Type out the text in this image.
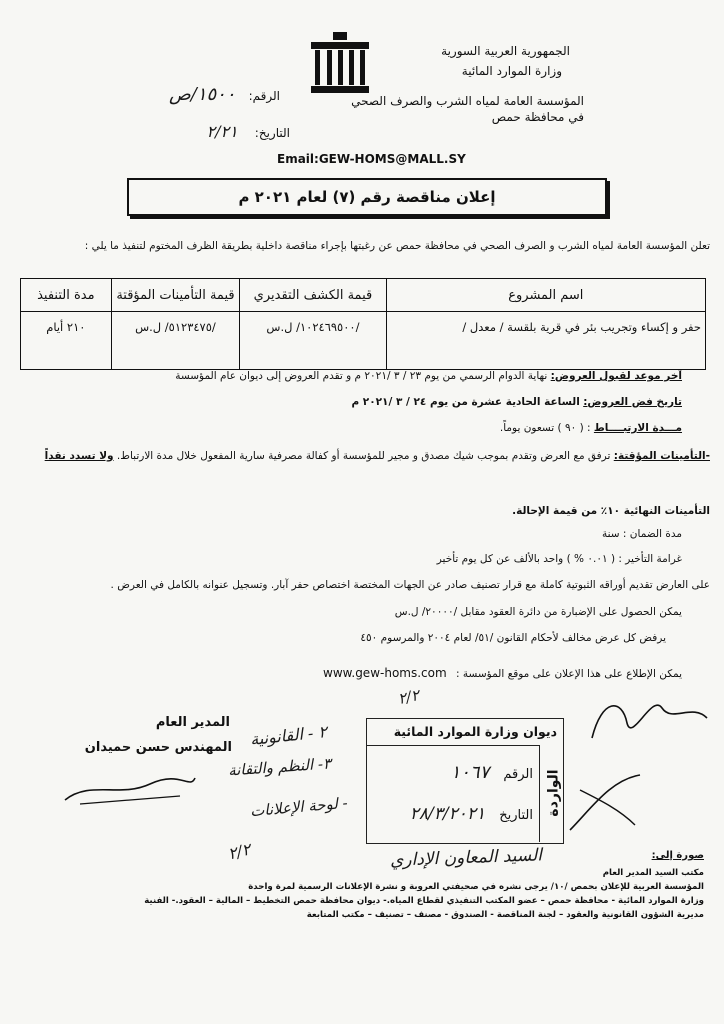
الجمهورية العربية السورية
وزارة الموارد المائية
المؤسسة العامة لمياه الشرب والصرف الصحي
في محافظة حمص
الرقم: ١٥٠٠/ص
التاريخ: ٢/٢١
Email:GEW-HOMS@MALL.SY
إعلان مناقصة رقم (٧) لعام ٢٠٢١ م
تعلن المؤسسة العامة لمياه الشرب و الصرف الصحي في محافظة حمص عن رغبتها بإجراء مناقصة داخلية بطريقة الظرف المختوم لتنفيذ ما يلي :
اسم المشروع	قيمة الكشف التقديري	قيمة التأمينات المؤقتة	مدة التنفيذ
حفر و إكساء وتجريب بئر في قرية بلقسة / معدل /	/١٠٢٤٦٩٥٠٠/ ل.س	/٥١٢٣٤٧٥/ ل.س	٢١٠ أيام
آخر موعد لقبول العروض: نهاية الدوام الرسمي من يوم ٢٣ / ٣ /٢٠٢١ م و تقدم العروض إلى ديوان عام المؤسسة
تاريخ فض العروض: الساعة الحادية عشرة من يوم ٢٤ / ٣ /٢٠٢١ م
مـــدة الارتبــــاط : ( ٩٠ ) تسعون يوماً.
-التأمينات المؤقتة: ترفق مع العرض وتقدم بموجب شيك مصدق و مجير للمؤسسة أو كفالة مصرفية سارية المفعول خلال مدة الارتباط. ولا تسدد نقداً
التأمينات النهائية ١٠٪ من قيمة الإحالة.
مدة الضمان : سنة
غرامة التأخير : ( ٠.٠١ % ) واحد بالألف عن كل يوم تأخير
على العارض تقديم أوراقه الثبوتية كاملة مع قرار تصنيف صادر عن الجهات المختصة اختصاص حفر آبار. وتسجيل عنوانه بالكامل في العرض .
يمكن الحصول على الإضبارة من دائرة العقود مقابل /٢٠٠٠٠/ ل.س
يرفض كل عرض مخالف لأحكام القانون /٥١/ لعام ٢٠٠٤ والمرسوم ٤٥٠
يمكن الإطلاع على هذا الإعلان على موقع المؤسسة : www.gew-homs.com
المدير العام
المهندس حسن حميدان
ديوان وزارة الموارد المائية
الرقم ١٠٦٧
التاريخ ٢٨/٣/٢٠٢١	الواردة
٢ - القانونية
٣- النظم والتقانة
- لوحة الإعلانات
السيد المعاون الإداري
٢/٢
٢/٢	صورة إلى:
مكتب السيد المدير العام
المؤسسة العربية للإعلان بحمص /١٠/ يرجى نشره في صحيفتي العروبة و نشرة الإعلانات الرسمية لمرة واحدة
وزارة الموارد المائية - محافظة حمص – عضو المكتب التنفيذي لقطاع المياه.- ديوان محافظة حمص التخطيط – المالية – العقود.- الفنية
مديرية الشؤون القانونية والعقود – لجنة المناقصة - الصندوق - مصنف – تصنيف – مكتب المتابعة
